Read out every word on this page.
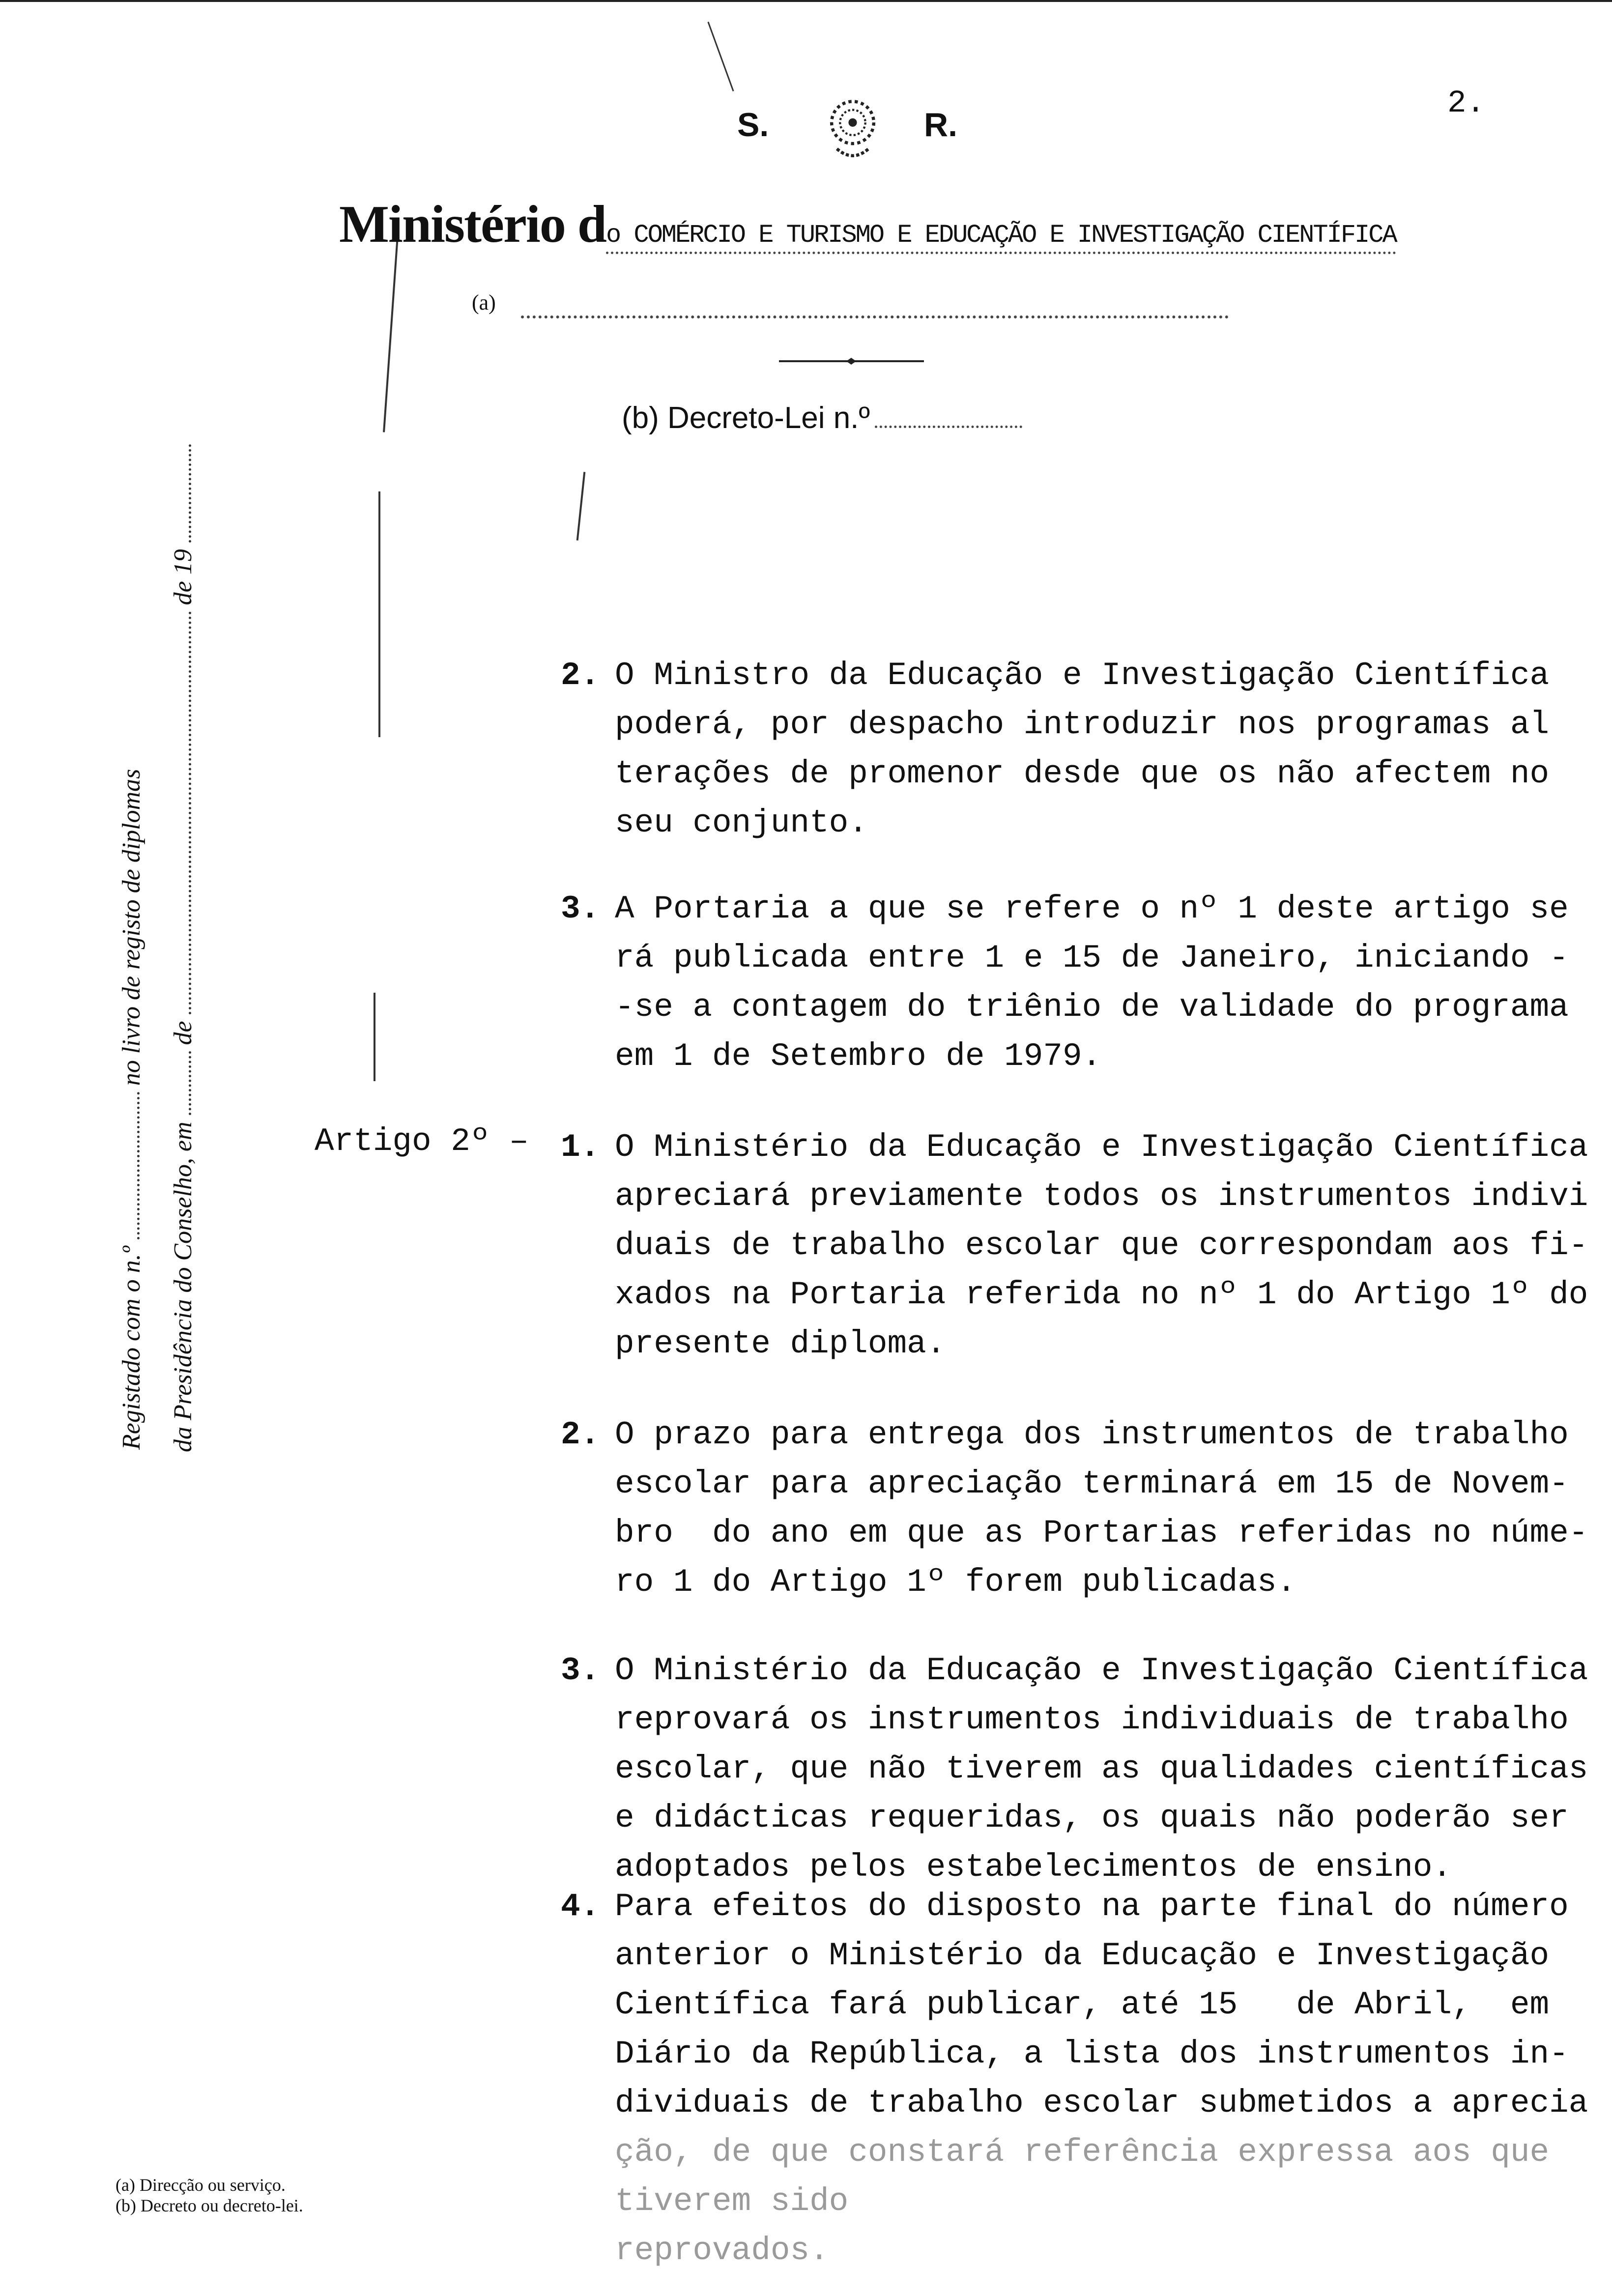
S.	R.
2.
Ministério do COMÉRCIO E TURISMO E EDUCAÇÃO E INVESTIGAÇÃO CIENTÍFICA
(a)
(b) Decreto-Lei n.º
Registado com o n.º  no livro de registo de diplomas
da Presidência do Conselho, em  de  de 19
Artigo 2º –
2. O Ministro da Educação e Investigação Científica
poderá, por despacho introduzir nos programas al
terações de promenor desde que os não afectem no
seu conjunto.
3. A Portaria a que se refere o nº 1 deste artigo se
rá publicada entre 1 e 15 de Janeiro, iniciando -
-se a contagem do triênio de validade do programa
em 1 de Setembro de 1979.
1. O Ministério da Educação e Investigação Científica
apreciará previamente todos os instrumentos indivi
duais de trabalho escolar que correspondam aos fi-
xados na Portaria referida no nº 1 do Artigo 1º do
presente diploma.
2. O prazo para entrega dos instrumentos de trabalho
escolar para apreciação terminará em 15 de Novem-
bro  do ano em que as Portarias referidas no núme-
ro 1 do Artigo 1º forem publicadas.
3. O Ministério da Educação e Investigação Científica
reprovará os instrumentos individuais de trabalho
escolar, que não tiverem as qualidades científicas
e didácticas requeridas, os quais não poderão ser
adoptados pelos estabelecimentos de ensino.
4. Para efeitos do disposto na parte final do número
anterior o Ministério da Educação e Investigação
Científica fará publicar, até 15   de Abril,  em
Diário da República, a lista dos instrumentos in-
dividuais de trabalho escolar submetidos a aprecia
ção, de que constará referência expressa aos que tiverem sido
reprovados.
(a) Direcção ou serviço.
(b) Decreto ou decreto-lei.
